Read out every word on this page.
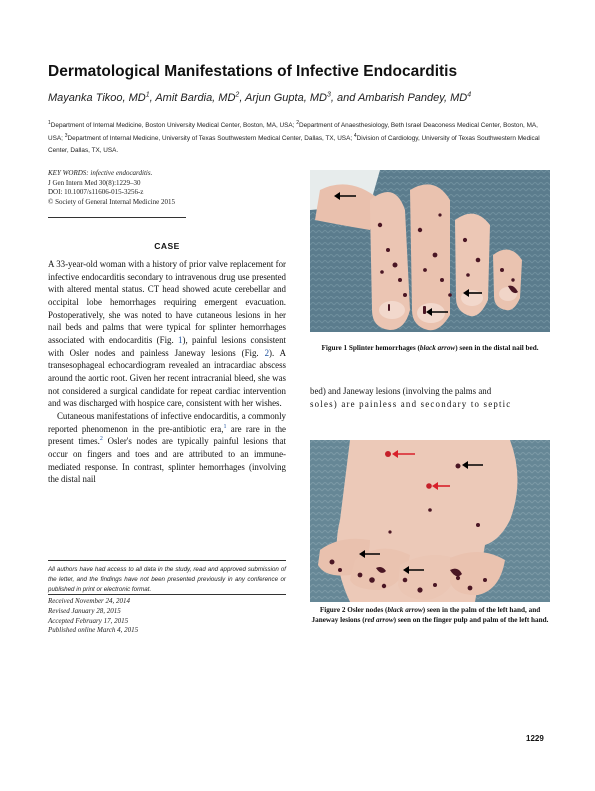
Dermatological Manifestations of Infective Endocarditis
Mayanka Tikoo, $MD^1$, Amit Bardia, $MD^2$, Arjun Gupta, $MD^3$, and Ambarish Pandey, $MD^4$
$^1$Department of Internal Medicine, Boston University Medical Center, Boston, MA, USA; $^2$Department of Anaesthesiology, Beth Israel Deaconess Medical Center, Boston, MA, USA; $^3$Department of Internal Medicine, University of Texas Southwestern Medical Center, Dallas, TX, USA; $^4$Division of Cardiology, University of Texas Southwestern Medical Center, Dallas, TX, USA.
KEY WORDS: infective endocarditis.
J Gen Intern Med 30(8):1229–30
DOI: 10.1007/s11606-015-3256-z
© Society of General Internal Medicine 2015
CASE

A 33-year-old woman with a history of prior valve replacement for infective endocarditis secondary to intravenous drug use presented with altered mental status. CT head showed acute cerebellar and occipital lobe hemorrhages requiring emergent evacuation. Postoperatively, she was noted to have cutaneous lesions in her nail beds and palms that were typical for splinter hemorrhages associated with endocarditis (Fig. 1), painful lesions consistent with Osler nodes and painless Janeway lesions (Fig. 2). A transesophageal echocardiogram revealed an intracardiac abscess around the aortic root. Given her recent intracranial bleed, she was not considered a surgical candidate for repeat cardiac intervention and was discharged with hospice care, consistent with her wishes.

Cutaneous manifestations of infective endocarditis, a commonly reported phenomenon in the pre-antibiotic era,$^1$ are rare in the present times.$^2$ Osler's nodes are typically painful lesions that occur on fingers and toes and are attributed to an immune-mediated response. In contrast, splinter hemorrhages (involving the distal nail

All authors have had access to all data in the study, read and approved submission of the letter, and the findings have not been presented previously in any conference or published in print or electronic format.
Received November 24, 2014
Revised January 28, 2015
Accepted February 17, 2015
Published online March 4, 2015
Figure 1 Splinter hemorrhages (black arrow) seen in the distal nail bed.
bed) and Janeway lesions (involving the palms and
soles) are painless and secondary to septic
Figure 2 Osler nodes (black arrow) seen in the palm of the left hand, and Janeway lesions (red arrow) seen on the finger pulp and palm of the left hand.
1229
